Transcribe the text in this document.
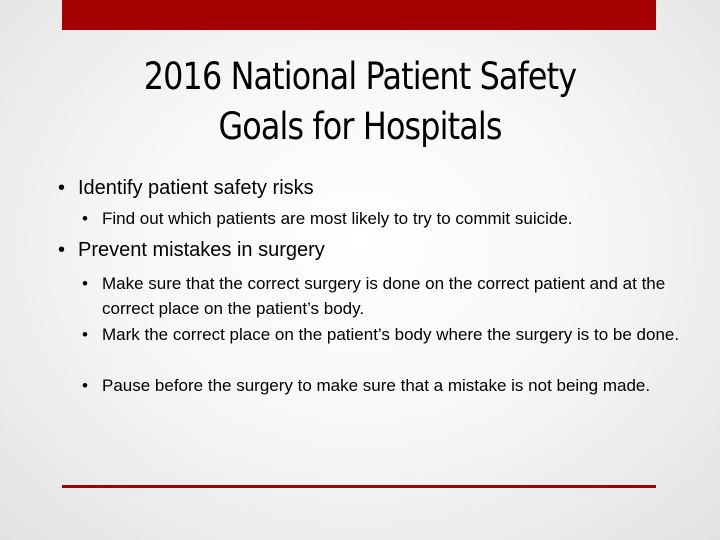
2016 National Patient Safety
Goals for Hospitals
• Identify patient safety risks
• Find out which patients are most likely to try to commit suicide.
• Prevent mistakes in surgery
• Make sure that the correct surgery is done on the correct patient and at the correct place on the patient’s body.
• Mark the correct place on the patient’s body where the surgery is to be done.
• Pause before the surgery to make sure that a mistake is not being made.
